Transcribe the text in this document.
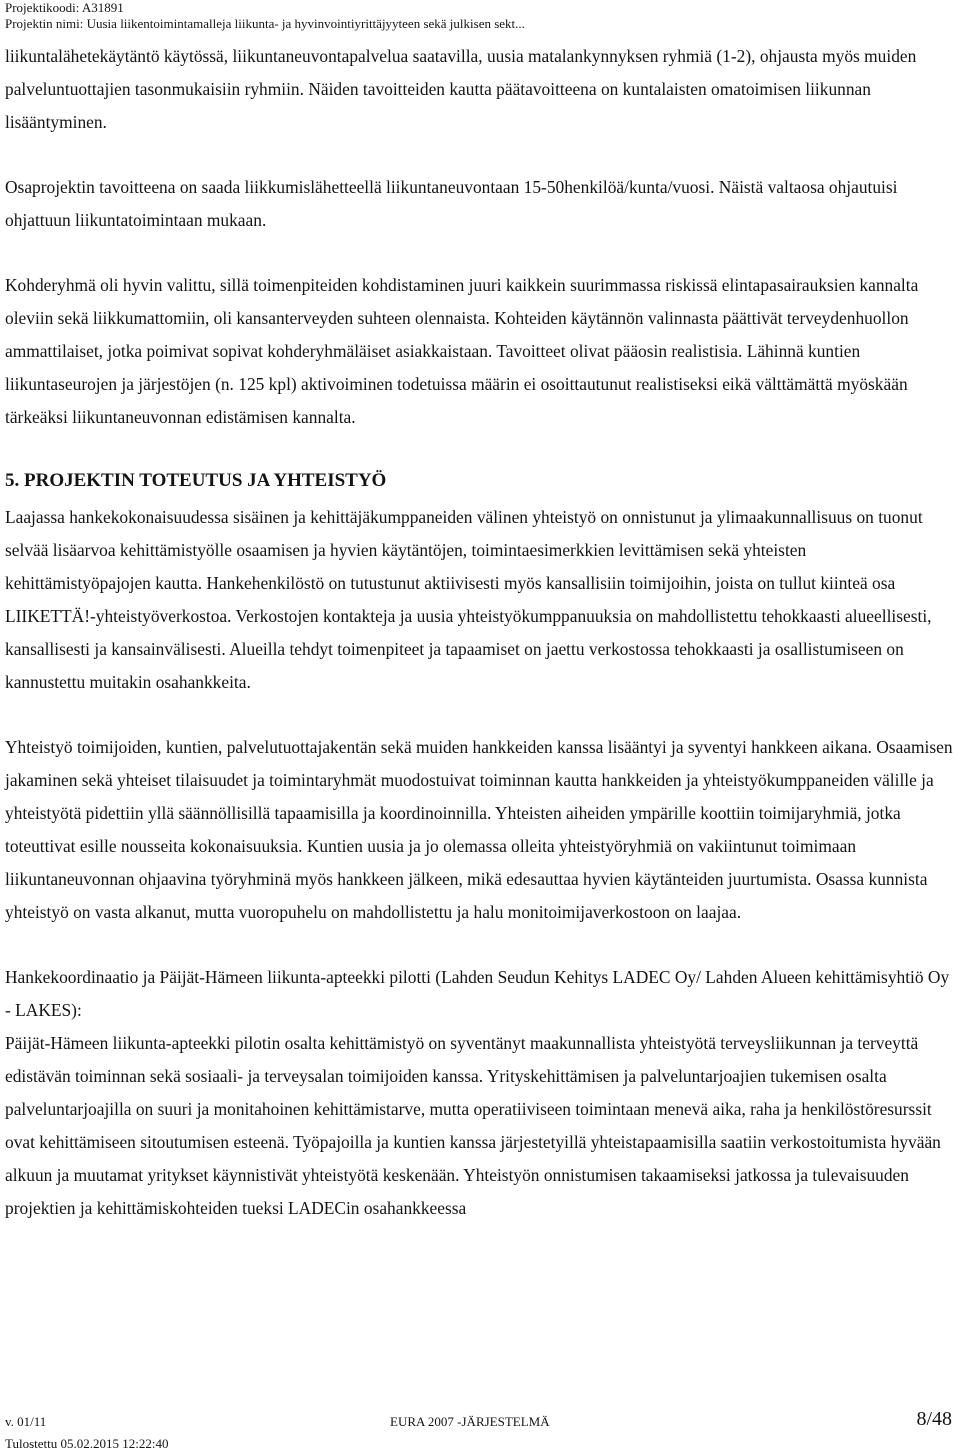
Projektikoodi: A31891
Projektin nimi: Uusia liikentoimintamalleja liikunta- ja hyvinvointiyrittäjyyteen sekä julkisen sekt...

liikuntalähetekäytäntö käytössä, liikuntaneuvontapalvelua saatavilla, uusia matalankynnyksen ryhmiä (1-2), ohjausta myös muiden palveluntuottajien tasonmukaisiin ryhmiin. Näiden tavoitteiden kautta päätavoitteena on kuntalaisten omatoimisen liikunnan lisääntyminen.

Osaprojektin tavoitteena on saada liikkumislähetteellä liikuntaneuvontaan 15-50henkilöä/kunta/vuosi. Näistä valtaosa ohjautuisi ohjattuun liikuntatoimintaan mukaan.

Kohderyhmä oli hyvin valittu, sillä toimenpiteiden kohdistaminen juuri kaikkein suurimmassa riskissä elintapasairauksien kannalta oleviin sekä liikkumattomiin, oli kansanterveyden suhteen olennaista. Kohteiden käytännön valinnasta päättivät terveydenhuollon ammattilaiset, jotka poimivat sopivat kohderyhmäläiset asiakkaistaan. Tavoitteet olivat pääosin realistisia. Lähinnä kuntien liikuntaseurojen ja järjestöjen (n. 125 kpl) aktivoiminen todetuissa määrin ei osoittautunut realistiseksi eikä välttämättä myöskään tärkeäksi liikuntaneuvonnan edistämisen kannalta.

5. PROJEKTIN TOTEUTUS JA YHTEISTYÖ

Laajassa hankekokonaisuudessa sisäinen ja kehittäjäkumppaneiden välinen yhteistyö on onnistunut ja ylimaakunnallisuus on tuonut selvää lisäarvoa kehittämistyölle osaamisen ja hyvien käytäntöjen, toimintaesimerkkien levittämisen sekä yhteisten kehittämistyöpajojen kautta. Hankehenkilöstö on tutustunut aktiivisesti myös kansallisiin toimijoihin, joista on tullut kiinteä osa LIIKETTÄ!-yhteistyöverkostoa. Verkostojen kontakteja ja uusia yhteistyökumppanuuksia on mahdollistettu tehokkaasti alueellisesti, kansallisesti ja kansainvälisesti. Alueilla tehdyt toimenpiteet ja tapaamiset on jaettu verkostossa tehokkaasti ja osallistumiseen on kannustettu muitakin osahankkeita.

Yhteistyö toimijoiden, kuntien, palvelutuottajakentän sekä muiden hankkeiden kanssa lisääntyi ja syventyi hankkeen aikana. Osaamisen jakaminen sekä yhteiset tilaisuudet ja toimintaryhmät muodostuivat toiminnan kautta hankkeiden ja yhteistyökumppaneiden välille ja yhteistyötä pidettiin yllä säännöllisillä tapaamisilla ja koordinoinnilla. Yhteisten aiheiden ympärille koottiin toimijaryhmiä, jotka toteuttivat esille nousseita kokonaisuuksia. Kuntien uusia ja jo olemassa olleita yhteistyöryhmiä on vakiintunut toimimaan liikuntaneuvonnan ohjaavina työryhminä myös hankkeen jälkeen, mikä edesauttaa hyvien käytänteiden juurtumista. Osassa kunnista yhteistyö on vasta alkanut, mutta vuoropuhelu on mahdollistettu ja halu monitoimijaverkostoon on laajaa.

Hankekoordinaatio ja Päijät-Hämeen liikunta-apteekki pilotti (Lahden Seudun Kehitys LADEC Oy/ Lahden Alueen kehittämisyhtiö Oy - LAKES):

Päijät-Hämeen liikunta-apteekki pilotin osalta kehittämistyö on syventänyt maakunnallista yhteistyötä terveysliikunnan ja terveyttä edistävän toiminnan sekä sosiaali- ja terveysalan toimijoiden kanssa. Yrityskehittämisen ja palveluntarjoajien tukemisen osalta palveluntarjoajilla on suuri ja monitahoinen kehittämistarve, mutta operatiiviseen toimintaan menevä aika, raha ja henkilöstöresurssit ovat kehittämiseen sitoutumisen esteenä. Työpajoilla ja kuntien kanssa järjestetyillä yhteistapaamisilla saatiin verkostoitumista hyvään alkuun ja muutamat yritykset käynnistivät yhteistyötä keskenään. Yhteistyön onnistumisen takaamiseksi jatkossa ja tulevaisuuden projektien ja kehittämiskohteiden tueksi LADECin osahankkeessa

v. 01/11	EURA 2007 -JÄRJESTELMÄ	8/48
Tulostettu 05.02.2015 12:22:40
